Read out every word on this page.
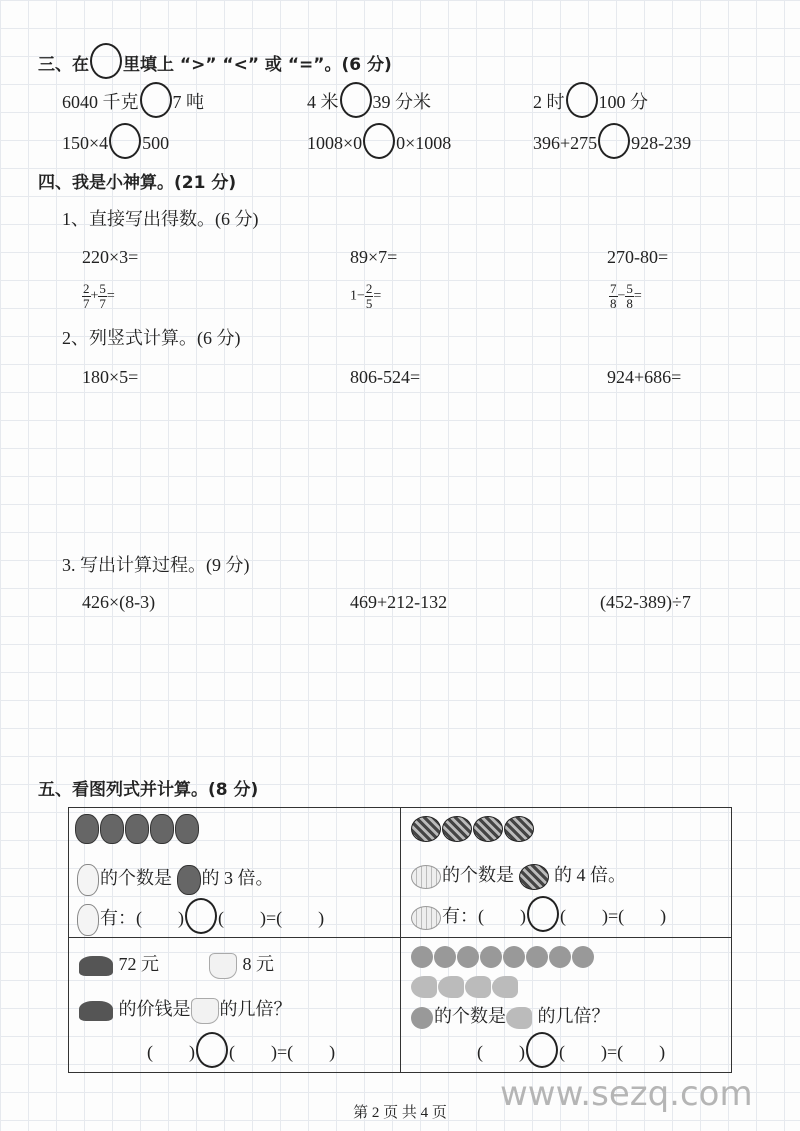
三、在 里填上 “>” “<” 或 “=”。(6 分)
6040 千克 7 吨	4 米 39 分米	2 时 100 分
150×4 500	1008×0 0×1008	396+275 928-239
四、我是小神算。(21 分)
1、直接写出得数。(6 分)
220×3=	89×7=	270-80=
$\frac{2}{7} + \frac{5}{7}$ =	$1- \frac{2}{5}$ =	$\frac{7}{8} - \frac{5}{8}$ =
2、列竖式计算。(6 分)
180×5=	806-524=	924+686=
3. 写出计算过程。(9 分)
426×(8-3)	469+212-132	(452-389)÷7
五、看图列式并计算。(8 分)
的个数是 的 3 倍。
有：(　　) (　　)=(　　)
的个数是 的 4 倍。
有：(　　) (　　)=(　　)
72 元	8 元
的价钱是 的几倍？
(　　) (　　)=(　　)
的个数是 的几倍？
(　　) (　　)=(　　)
www.sezq.com
第 2 页 共 4 页
